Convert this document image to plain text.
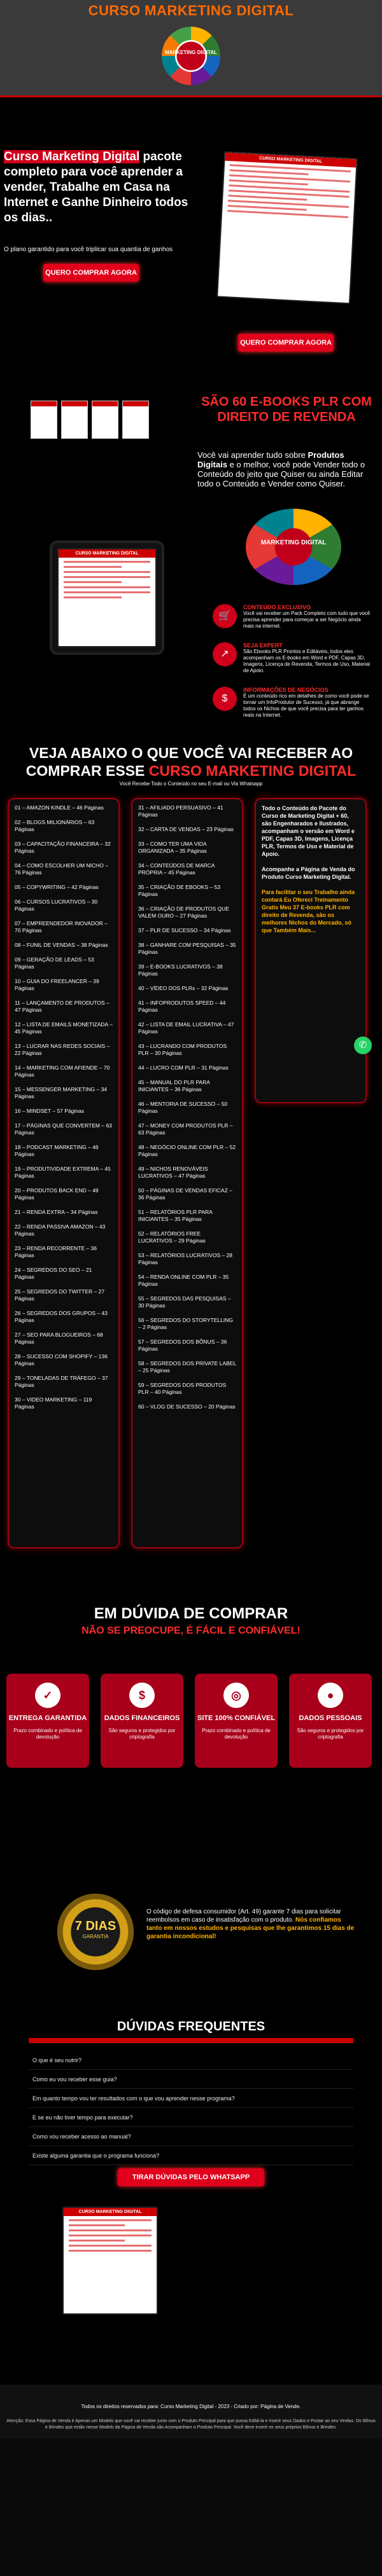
CURSO MARKETING DIGITAL
MARKETING DIGITAL
Curso Marketing Digital pacote completo para você aprender a vender, Trabalhe em Casa na Internet e Ganhe Dinheiro todos os dias..
O plano garantido para você triplicar sua quantia de ganhos
QUERO COMPRAR AGORA
CURSO MARKETING DIGITAL
QUERO COMPRAR AGORA
CURSO MARKETING DIGITAL
SÃO 60 E-BOOKS PLR COM DIREITO DE REVENDA

Você vai aprender tudo sobre Produtos Digitais e o melhor, você pode Vender todo o Conteúdo do jeito que Quiser ou ainda Editar todo o Conteúdo e Vender como Quiser.

MARKETING DIGITAL
🛒
CONTEÚDO EXCLUSIVO
Você vai receber um Pack Completo com tudo que você precisa aprender para começar a ser Negócio ainda mais na internet.
↗
SEJA EXPERT
São Ebooks PLR Prontos e Editáveis, todos eles acompanham os E-books em Word e PDF, Capas 3D, Imagens, Licença de Revenda, Termos de Uso, Material de Apoio.
$
INFORMAÇÕES DE NEGÓCIOS
É um conteúdo rico em detalhes de como você pode se tornar um InfoProdutor de Sucesso, já que abrange todos os Nichos de que você precisa para ter ganhos reais na Internet.
VEJA ABAIXO O QUE VOCÊ VAI RECEBER AO COMPRAR ESSE CURSO MARKETING DIGITAL

Você Recebe Todo o Conteúdo no seu E-mail ou Via Whatsapp

01 – AMAZON KINDLE – 46 Páginas
02 – BLOGS MILIONÁRIOS – 63 Páginas
03 – CAPACITAÇÃO FINANCEIRA – 32 Páginas
04 – COMO ESCOLHER UM NICHO – 76 Páginas
05 – COPYWRITING – 42 Páginas
06 – CURSOS LUCRATIVOS – 30 Páginas
07 – EMPREENDEDOR INOVADOR – 70 Páginas
08 – FUNIL DE VENDAS – 38 Páginas
09 – GERAÇÃO DE LEADS – 53 Páginas
10 – GUIA DO FREELANCER – 39 Páginas
11 – LANÇAMENTO DE PRODUTOS – 47 Páginas
12 – LISTA DE EMAILS MONETIZADA – 45 Páginas
13 – LUCRAR NAS REDES SOCIAIS – 22 Páginas
14 – MARKETING COM AFIENDE – 70 Páginas
15 – MESSENGER MARKETING – 34 Páginas
16 – MINDSET – 57 Páginas
17 – PÁGINAS QUE CONVERTEM – 63 Páginas
18 – PODCAST MARKETING – 46 Páginas
19 – PRODUTIVIDADE EXTREMA – 45 Páginas
20 – PRODUTOS BACK END – 49 Páginas
21 – RENDA EXTRA – 34 Páginas
22 – RENDA PASSIVA AMAZON – 43 Páginas
23 – RENDA RECORRENTE – 36 Páginas
24 – SEGREDOS DO SEO – 21 Páginas
25 – SEGREDOS DO TWITTER – 27 Páginas
26 – SEGREDOS DOS GRUPOS – 43 Páginas
27 – SEO PARA BLOGUEIROS – 68 Páginas
28 – SUCESSO COM SHOPIFY – 136 Páginas
29 – TONELADAS DE TRÁFEGO – 37 Páginas
30 – VIDEO MARKETING – 119 Páginas
31 – AFILIADO PERSUASIVO – 41 Páginas
32 – CARTA DE VENDAS – 23 Páginas
33 – COMO TER UMA VIDA ORGANIZADA – 35 Páginas
34 – CONTEÚDOS DE MARCA PRÓPRIA – 45 Páginas
35 – CRIAÇÃO DE EBOOKS – 53 Páginas
36 – CRIAÇÃO DE PRODUTOS QUE VALEM OURO – 27 Páginas
37 – PLR DE SUCESSO – 34 Páginas
38 – GANHARE COM PESQUISAS – 35 Páginas
39 – E-BOOKS LUCRATIVOS – 38 Páginas
40 – VÍDEO DOS PLRs – 32 Páginas
41 – INFOPRODUTOS SPEED – 44 Páginas
42 – LISTA DE EMAIL LUCRATIVA – 47 Páginas
43 – LUCRANDO COM PRODUTOS PLR – 30 Páginas
44 – LUCRO COM PLR – 31 Páginas
45 – MANUAL DO PLR PARA INICIANTES – 36 Páginas
46 – MENTORIA DE SUCESSO – 50 Páginas
47 – MONEY COM PRODUTOS PLR – 63 Páginas
48 – NEGÓCIO ONLINE COM PLR – 52 Páginas
49 – NICHOS RENOVÁVEIS LUCRATIVOS – 47 Páginas
50 – PÁGINAS DE VENDAS EFICAZ – 36 Páginas
51 – RELATÓRIOS PLR PARA INICIANTES – 35 Páginas
52 – RELATÓRIOS FREE LUCRATIVOS – 29 Páginas
53 – RELATÓRIOS LUCRATIVOS – 28 Páginas
54 – RENDA ONLINE COM PLR – 35 Páginas
55 – SEGREDOS DAS PESQUISAS – 30 Páginas
56 – SEGREDOS DO STORYTELLING – 2 Páginas
57 – SEGREDOS DOS BÔNUS – 36 Páginas
58 – SEGREDOS DOS PRIVATE LABEL – 25 Páginas
59 – SEGREDOS DOS PRODUTOS PLR – 40 Páginas
60 – VLOG DE SUCESSO – 20 Páginas

Todo o Conteúdo do Pacote do Curso de Marketing Digital + 60, são Engenharados e Ilustrados, acompanham o versão em Word e PDF, Capas 3D, Imagens, Licença PLR, Termos de Uso e Material de Apoio.

Acompanhe a Página de Venda do Produto Curso Marketing Digital.

Para facilitar o seu Trabalho ainda contará Eu Ofereci Treinamento Gratis Meu 37 E-books PLR com direito de Revenda, são os melhores Nichos do Mercado, só que Também Mais...

EM DÚVIDA DE COMPRAR
NÃO SE PREOCUPE, É FÁCIL E CONFIÁVEL!
✓
ENTREGA GARANTIDA
Prazo combinado e política de devolução
$
DADOS FINANCEIROS
São seguros e protegidos por criptografia
◎
SITE 100% CONFIÁVEL
Prazo combinado e política de devolução
●
DADOS PESSOAIS
São seguros e protegidos por criptografia
7 DIAS
GARANTIA

O código de defesa consumidor (Art. 49) garante 7 dias para solicitar reembolsos em caso de insatisfação com o produto. Nós confiamos tanto em nossos estudos e pesquisas que lhe garantimos 15 dias de garantia incondicional!

DÚVIDAS FREQUENTES
O que é seu nutrir?
Como eu vou receber esse guia?
Em quanto tempo vou ter resultados com o que vou aprender nesse programa?
E se eu não tiver tempo para executar?
Como vou receber acesso ao manual?
Existe alguma garantia que o programa funciona?
TIRAR DÚVIDAS PELO WHATSAPP
CURSO MARKETING DIGITAL
Todos os direitos reservados para: Curso Marketing Digital - 2023 - Criado por: Página de Vende.
Atenção: Essa Página de Venda é Apenas um Modelo que você vai receber junto com o Produto Principal para que possa Editá-la e inserir seus Dados e Postar ao seu Verdas. Os Bônus e Brindes que estão nesse Modelo da Página de Venda são Acompanham o Produto Principal. Você deve inserir os seus próprios Bônus e Brindes.
✆
